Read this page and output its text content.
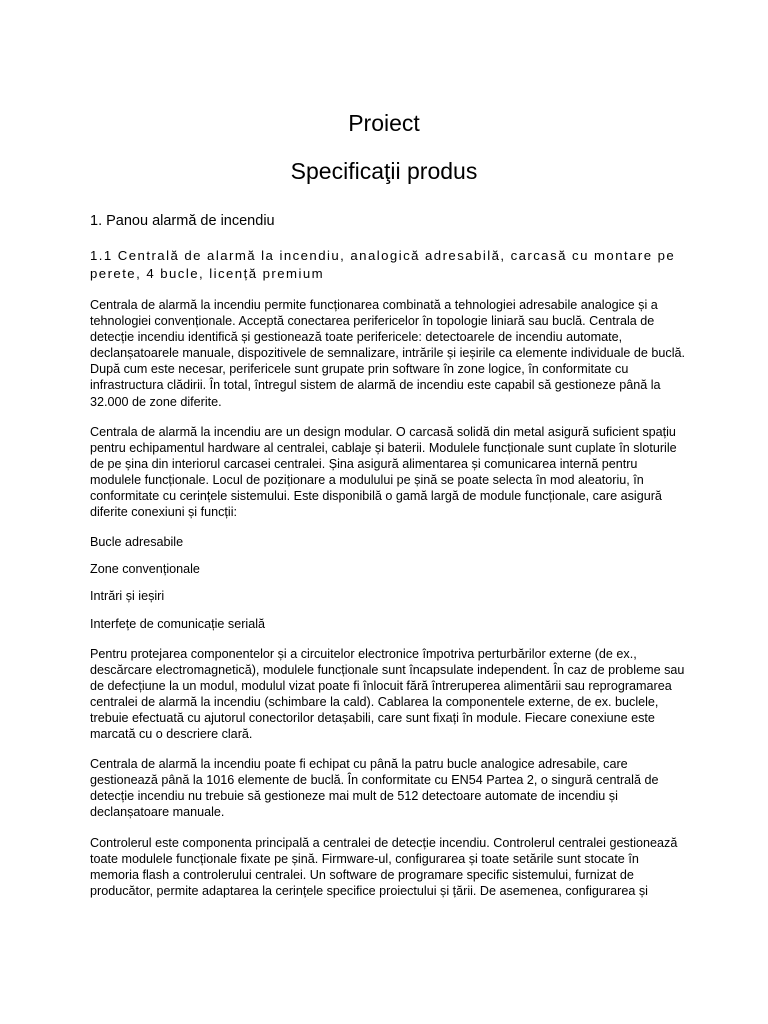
Proiect
Specificaţii produs
1. Panou alarmă de incendiu
1.1 Centrală de alarmă la incendiu, analogică adresabilă, carcasă cu montare pe perete, 4 bucle, licență premium

Centrala de alarmă la incendiu permite funcționarea combinată a tehnologiei adresabile analogice și a tehnologiei convenționale. Acceptă conectarea perifericelor în topologie liniară sau buclă. Centrala de detecție incendiu identifică și gestionează toate perifericele: detectoarele de incendiu automate, declanșatoarele manuale, dispozitivele de semnalizare, intrările și ieșirile ca elemente individuale de buclă. După cum este necesar, perifericele sunt grupate prin software în zone logice, în conformitate cu infrastructura clădirii. În total, întregul sistem de alarmă de incendiu este capabil să gestioneze până la 32.000 de zone diferite.

Centrala de alarmă la incendiu are un design modular. O carcasă solidă din metal asigură suficient spațiu pentru echipamentul hardware al centralei, cablaje și baterii. Modulele funcționale sunt cuplate în sloturile de pe șina din interiorul carcasei centralei. Șina asigură alimentarea și comunicarea internă pentru modulele funcționale. Locul de poziționare a modulului pe șină se poate selecta în mod aleatoriu, în conformitate cu cerințele sistemului. Este disponibilă o gamă largă de module funcționale, care asigură diferite conexiuni și funcții:

Bucle adresabile
Zone convenționale
Intrări și ieșiri
Interfețe de comunicație serială

Pentru protejarea componentelor și a circuitelor electronice împotriva perturbărilor externe (de ex., descărcare electromagnetică), modulele funcționale sunt încapsulate independent. În caz de probleme sau de defecțiune la un modul, modulul vizat poate fi înlocuit fără întreruperea alimentării sau reprogramarea centralei de alarmă la incendiu (schimbare la cald). Cablarea la componentele externe, de ex. buclele, trebuie efectuată cu ajutorul conectorilor detașabili, care sunt fixați în module. Fiecare conexiune este marcată cu o descriere clară.

Centrala de alarmă la incendiu poate fi echipat cu până la patru bucle analogice adresabile, care gestionează până la 1016 elemente de buclă. În conformitate cu EN54 Partea 2, o singură centrală de detecție incendiu nu trebuie să gestioneze mai mult de 512 detectoare automate de incendiu și declanșatoare manuale.

Controlerul este componenta principală a centralei de detecție incendiu. Controlerul centralei gestionează toate modulele funcționale fixate pe șină. Firmware-ul, configurarea și toate setările sunt stocate în memoria flash a controlerului centralei. Un software de programare specific sistemului, furnizat de producător, permite adaptarea la cerințele specifice proiectului și țării. De asemenea, configurarea și
